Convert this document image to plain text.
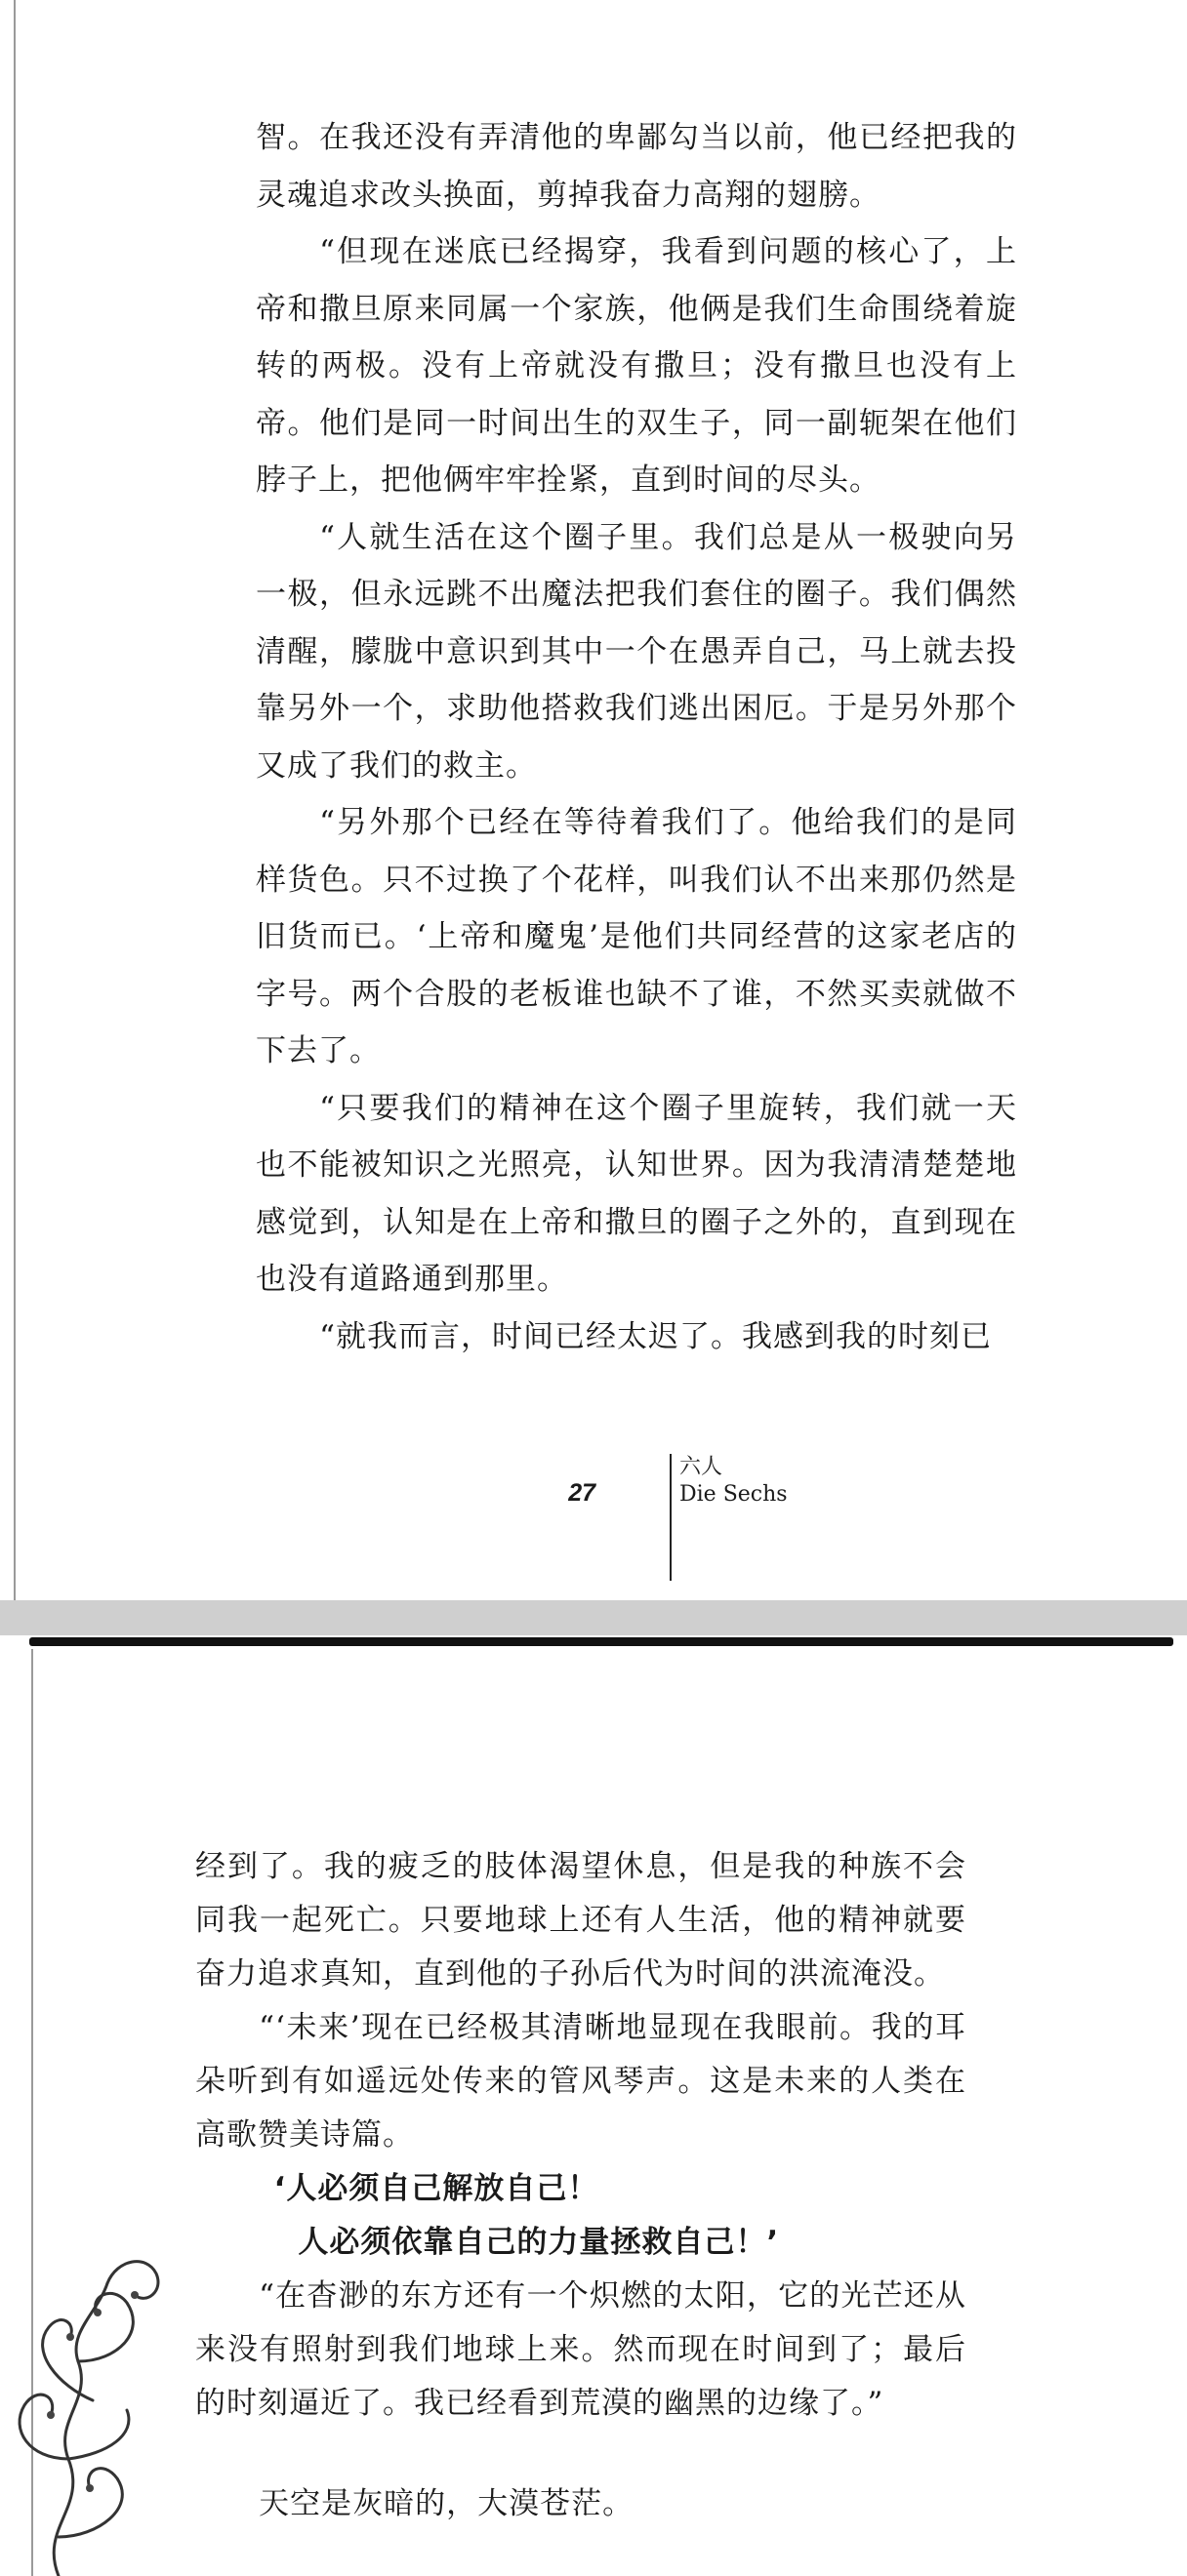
智。在我还没有弄清他的卑鄙勾当以前，他已经把我的灵魂追求改头换面，剪掉我奋力高翔的翅膀。

“但现在迷底已经揭穿，我看到问题的核心了，上帝和撒旦原来同属一个家族，他俩是我们生命围绕着旋转的两极。没有上帝就没有撒旦；没有撒旦也没有上帝。他们是同一时间出生的双生子，同一副轭架在他们脖子上，把他俩牢牢拴紧，直到时间的尽头。

“人就生活在这个圈子里。我们总是从一极驶向另一极，但永远跳不出魔法把我们套住的圈子。我们偶然清醒，朦胧中意识到其中一个在愚弄自己，马上就去投靠另外一个，求助他搭救我们逃出困厄。于是另外那个又成了我们的救主。

“另外那个已经在等待着我们了。他给我们的是同样货色。只不过换了个花样，叫我们认不出来那仍然是旧货而已。‘上帝和魔鬼’是他们共同经营的这家老店的字号。两个合股的老板谁也缺不了谁，不然买卖就做不下去了。

“只要我们的精神在这个圈子里旋转，我们就一天也不能被知识之光照亮，认知世界。因为我清清楚楚地感觉到，认知是在上帝和撒旦的圈子之外的，直到现在也没有道路通到那里。

“就我而言，时间已经太迟了。我感到我的时刻已

27
六人
Die Sechs

经到了。我的疲乏的肢体渴望休息，但是我的种族不会同我一起死亡。只要地球上还有人生活，他的精神就要奋力追求真知，直到他的子孙后代为时间的洪流淹没。

“‘未来’现在已经极其清晰地显现在我眼前。我的耳朵听到有如遥远处传来的管风琴声。这是未来的人类在高歌赞美诗篇。

‘人必须自己解放自己！

人必须依靠自己的力量拯救自己！’

“在杳渺的东方还有一个炽燃的太阳，它的光芒还从来没有照射到我们地球上来。然而现在时间到了；最后的时刻逼近了。我已经看到荒漠的幽黑的边缘了。”

天空是灰暗的，大漠苍茫。
